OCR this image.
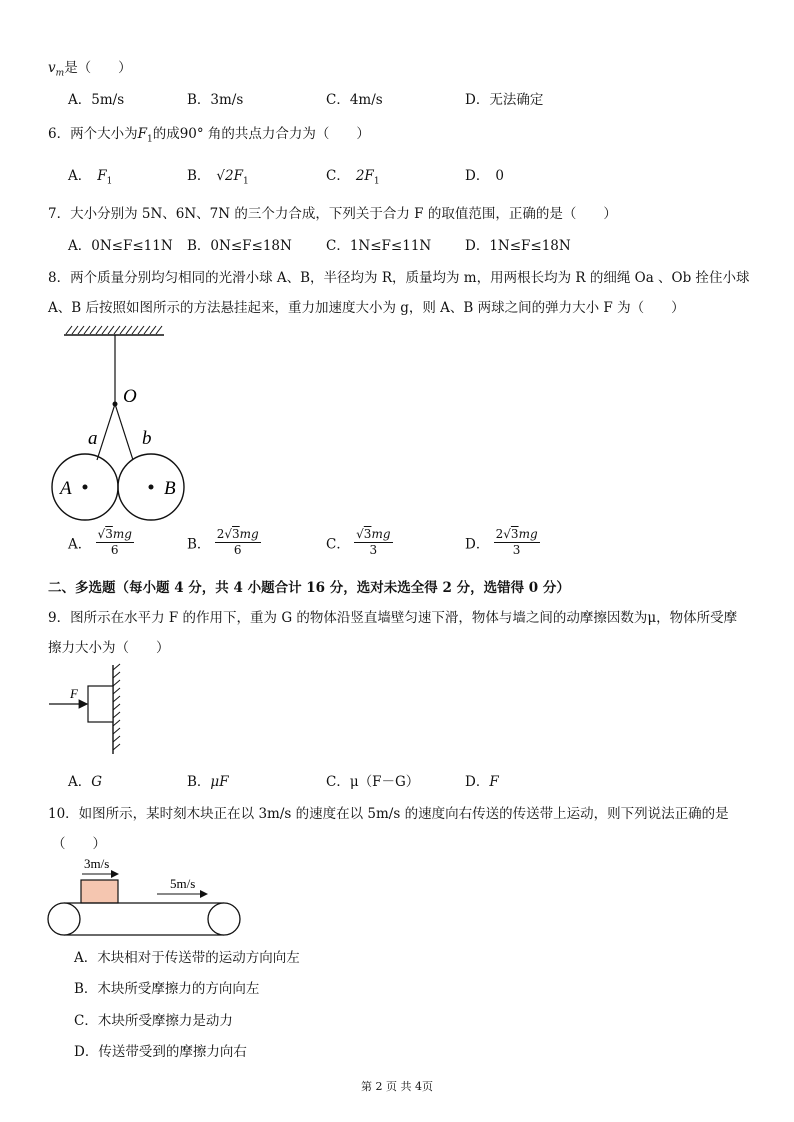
$v_m$是（　　）
A．5m/s	B．3m/s	C．4m/s	D．无法确定
6．两个大小为$F_1$的成90° 角的共点力合力为（　　）
A． $F_1$	B． $√2F_1$	C． $2F_1$	D． 0
7．大小分别为 5N、6N、7N 的三个力合成，下列关于合力 F 的取值范围，正确的是（　　）
A．0N≤F≤11N B．0N≤F≤18N	C．1N≤F≤11N	D．1N≤F≤18N
8．两个质量分别均匀相同的光滑小球 A、B，半径均为 R，质量均为 m，用两根长均为 R 的细绳 Oa 、Ob 拴住小球
A、B 后按照如图所示的方法悬挂起来，重力加速度大小为 g，则 A、B 两球之间的弹力大小 F 为（　　）
O
a b
A	B
A． $\frac{√3mg}{6}$	B． $\frac{2√3mg}{6}$	C． $\frac{√3mg}{3}$	D． $\frac{2√3mg}{3}$
二、多选题（每小题 4 分，共 4 小题合计 16 分，选对未选全得 2 分，选错得 0 分）
9．图所示在水平力 F 的作用下，重为 G 的物体沿竖直墙壁匀速下滑，物体与墙之间的动摩擦因数为μ，物体所受摩
擦力大小为（　　）
F
A．G	B．μF	C．μ（F－G）	D．F
10．如图所示，某时刻木块正在以 3m/s 的速度在以 5m/s 的速度向右传送的传送带上运动，则下列说法正确的是
（　　）
3m/s
5m/s
A．木块相对于传送带的运动方向向左
B．木块所受摩擦力的方向向左
C．木块所受摩擦力是动力
D．传送带受到的摩擦力向右
第 2 页 共 4页
